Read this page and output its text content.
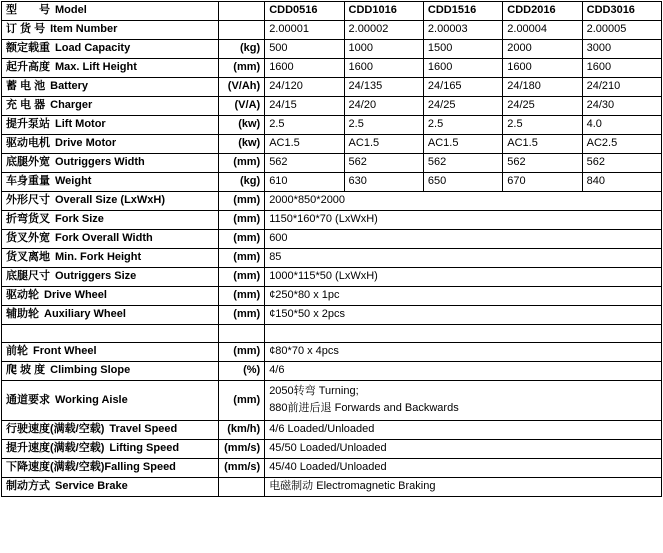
型　　号 Model		CDD0516	CDD1016	CDD1516	CDD2016	CDD3016
订 货 号 Item Number		2.00001	2.00002	2.00003	2.00004	2.00005
额定载重 Load Capacity	(kg)	500	1000	1500	2000	3000
起升高度 Max. Lift Height	(mm)	1600	1600	1600	1600	1600
蓄 电 池 Battery	(V/Ah)	24/120	24/135	24/165	24/180	24/210
充 电 器 Charger	(V/A)	24/15	24/20	24/25	24/25	24/30
提升泵站 Lift Motor	(kw)	2.5	2.5	2.5	2.5	4.0
驱动电机 Drive Motor	(kw)	AC1.5	AC1.5	AC1.5	AC1.5	AC2.5
底腿外宽 Outriggers Width	(mm)	562	562	562	562	562
车身重量 Weight	(kg)	610	630	650	670	840
外形尺寸 Overall Size (LxWxH)	(mm)	2000*850*2000				
折弯货叉 Fork Size	(mm)	1150*160*70 (LxWxH)				
货叉外宽 Fork Overall Width	(mm)	600				
货叉离地 Min. Fork Height	(mm)	85				
底腿尺寸 Outriggers Size	(mm)	1000*115*50 (LxWxH)				
驱动轮 Drive Wheel	(mm)	¢250*80 x 1pc				
辅助轮 Auxiliary Wheel	(mm)	¢150*50 x 2pcs				

前轮 Front Wheel	(mm)	¢80*70 x 4pcs				
爬 坡 度 Climbing Slope	(%)	4/6				
通道要求 Working Aisle	(mm)	2050转弯 Turning;
880前进后退 Forwards and Backwards				

行驶速度(满载/空载) Travel Speed	(km/h)	4/6 Loaded/Unloaded				
提升速度(满载/空载) Lifting Speed	(mm/s)	45/50 Loaded/Unloaded				
下降速度(满载/空载)Falling Speed	(mm/s)	45/40 Loaded/Unloaded				
制动方式 Service Brake		电磁制动 Electromagnetic Braking				
